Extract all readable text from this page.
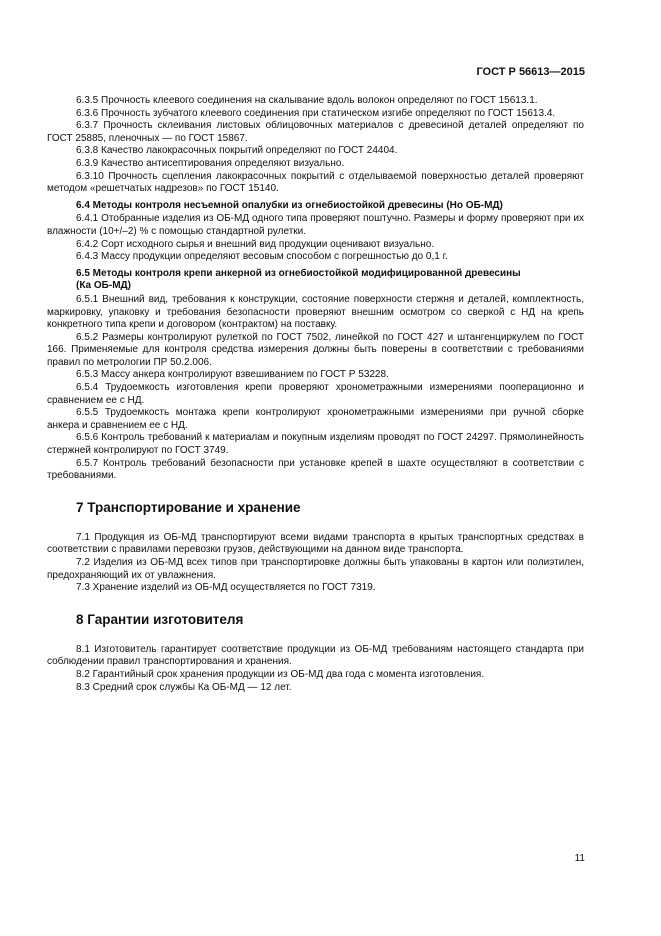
ГОСТ Р 56613—2015

6.3.5 Прочность клеевого соединения на скалывание вдоль волокон определяют по ГОСТ 15613.1.

6.3.6 Прочность зубчатого клеевого соединения при статическом изгибе определяют по ГОСТ 15613.4.

6.3.7 Прочность склеивания листовых облицовочных материалов с древесиной деталей определяют по ГОСТ 25885, пленочных — по ГОСТ 15867.

6.3.8 Качество лакокрасочных покрытий определяют по ГОСТ 24404.

6.3.9 Качество антисептирования определяют визуально.

6.3.10 Прочность сцепления лакокрасочных покрытий с отделываемой поверхностью деталей проверяют методом «решетчатых надрезов» по ГОСТ 15140.

6.4 Методы контроля несъемной опалубки из огнебиостойкой древесины (Но ОБ-МД)

6.4.1 Отобранные изделия из ОБ-МД одного типа проверяют поштучно. Размеры и форму проверяют при их влажности (10+/–2) % с помощью стандартной рулетки.

6.4.2 Сорт исходного сырья и внешний вид продукции оценивают визуально.

6.4.3 Массу продукции определяют весовым способом с погрешностью до 0,1 г.

6.5 Методы контроля крепи анкерной из огнебиостойкой модифицированной древесины
(Ка ОБ-МД)

6.5.1 Внешний вид, требования к конструкции, состояние поверхности стержня и деталей, комплектность, маркировку, упаковку и требования безопасности проверяют внешним осмотром со сверкой с НД на крепь конкретного типа крепи и договором (контрактом) на поставку.

6.5.2 Размеры контролируют рулеткой по ГОСТ 7502, линейкой по ГОСТ 427 и штангенциркулем по ГОСТ 166. Применяемые для контроля средства измерения должны быть поверены в соответствии с требованиями правил по метрологии ПР 50.2.006.

6.5.3 Массу анкера контролируют взвешиванием по ГОСТ Р 53228.

6.5.4 Трудоемкость изготовления крепи проверяют хронометражными измерениями пооперационно и сравнением ее с НД.

6.5.5 Трудоемкость монтажа крепи контролируют хронометражными измерениями при ручной сборке анкера и сравнением ее с НД.

6.5.6 Контроль требований к материалам и покупным изделиям проводят по ГОСТ 24297. Прямолинейность стержней контролируют по ГОСТ 3749.

6.5.7 Контроль требований безопасности при установке крепей в шахте осуществляют в соответствии с требованиями.

7 Транспортирование и хранение

7.1 Продукция из ОБ-МД транспортируют всеми видами транспорта в крытых транспортных средствах в соответствии с правилами перевозки грузов, действующими на данном виде транспорта.

7.2 Изделия из ОБ-МД всех типов при транспортировке должны быть упакованы в картон или полиэтилен, предохраняющий их от увлажнения.

7.3 Хранение изделий из ОБ-МД осуществляется по ГОСТ 7319.

8 Гарантии изготовителя

8.1 Изготовитель гарантирует соответствие продукции из ОБ-МД требованиям настоящего стандарта при соблюдении правил транспортирования и хранения.

8.2 Гарантийный срок хранения продукции из ОБ-МД два года с момента изготовления.

8.3 Средний срок службы Ка ОБ-МД — 12 лет.

11
